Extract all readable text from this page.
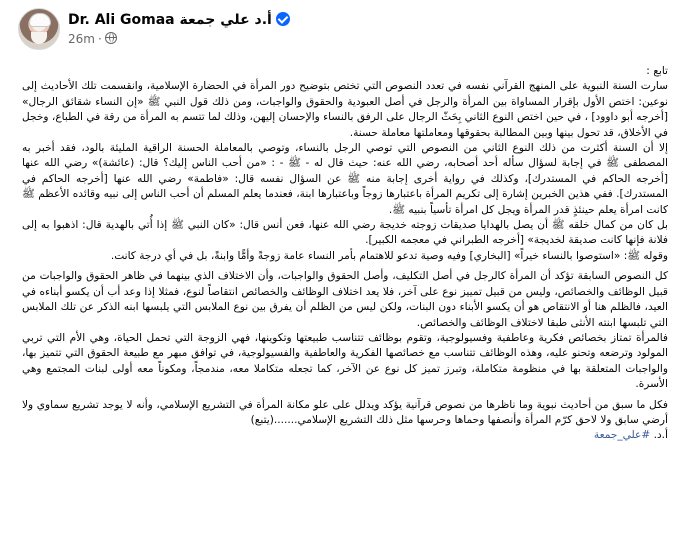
Dr. Ali Gomaa أ.د علي جمعة
26m ·

تابع :

سارت السنة النبوية على المنهج القرآني نفسه في تعدد النصوص التي تختص بتوضيح دور المرأة في الحضارة الإسلامية، وانقسمت تلك الأحاديث إلى نوعين: اختص الأول بإقرار المساواة بين المرأة والرجل في أصل العبودية والحقوق والواجبات، ومن ذلك قول النبي ﷺ «إن النساء شقائق الرجال» [أخرجه أبو داوود] ، في حين اختص النوع الثاني بِحَثّ الرجال على الرفق بالنساء والإحسان إليهن، وذلك لما تتسم به المرأة من رقة في الطباع، وخجل في الأخلاق، قد تحول بينها وبين المطالبة بحقوقها ومعاملتها معاملة حسنة.

إلا أن السنة أكثرت من ذلك النوع الثاني من النصوص التي توصي الرجل بالنساء، وتوصي بالمعاملة الحسنة الراقية المليئة بالود، فقد أخبر به المصطفى ﷺ في إجابة لسؤال سأله أحد أصحابه، رضي الله عنه: حيث قال له - ﷺ - : «من أحب الناس إليك؟ قال: (عائشة)» رضي الله عنها [أخرجه الحاكم في المستدرك]، وكذلك في رواية أخرى إجابة منه ﷺ عن السؤال نفسه قال: «فاطمة» رضي الله عنها [أخرجه الحاكم في المستدرك]. ففي هذين الخبرين إشارة إلى تكريم المرأة باعتبارها زوجاً وباعتبارها ابنة، فعندما يعلم المسلم أن أحب الناس إلى نبيه وقائده الأعظم ﷺ كانت امرأة يعلم حينئذٍ قدر المرأة ويجل كل امرأة تأسياً بنبيه ﷺ.

بل كان من كمال خلقه ﷺ أن يصل بالهدايا صديقات زوجته خديجة رضي الله عنها، فعن أنس قال: «كان النبي ﷺ إذا أُتي بالهدية قال: اذهبوا به إلى فلانة فإنها كانت صديقة لخديجة» [أخرجه الطبراني في معجمه الكبير].

وقوله ﷺ: «استوصوا بالنساء خيراً» [البخاري] وفيه وصية تدعو للاهتمام بأمر النساء عامة زوجةً وأمًّا وابنةً، بل في أي درجة كانت.

كل النصوص السابقة تؤكد أن المرأة كالرجل في أصل التكليف، وأصل الحقوق والواجبات، وأن الاختلاف الذي بينهما في ظاهر الحقوق والواجبات من قبيل الوظائف والخصائص، وليس من قبيل تمييز نوع على آخر، فلا يعد اختلاف الوظائف والخصائص انتقاصاً لنوع، فمثلا إذا وعد أب أن يكسو أبناءه في العيد، فالظلم هنا أو الانتقاص هو أن يكسو الأبناء دون البنات، ولكن ليس من الظلم أن يفرق بين نوع الملابس التي يلبسها ابنه الذكر عن تلك الملابس التي تلبسها ابنته الأنثى طبقا لاختلاف الوظائف والخصائص.

فالمرأة تمتاز بخصائص فكرية وعاطفية وفسيولوجية، وتقوم بوظائف تتناسب طبيعتها وتكوينها، فهي الزوجة التي تحمل الحياة، وهي الأم التي تربي المولود وترضعه وتحنو عليه، وهذه الوظائف تتناسب مع خصائصها الفكرية والعاطفية والفسيولوجية، في توافق مبهر مع طبيعة الحقوق التي تتميز بها، والواجبات المتعلقة بها في منظومة متكاملة، وتبرز تميز كل نوع عن الآخر، كما تجعله متكاملا معه، مندمجاً، ومكوناً معه أولى لبنات المجتمع وهي الأسرة.

فكل ما سبق من أحاديث نبوية وما ناظرها من نصوص قرآنية يؤكد ويدلل على علو مكانة المرأة في التشريع الإسلامي، وأنه لا يوجد تشريع سماوي ولا أرضي سابق ولا لاحق كرّم المرأة وأنصفها وحماها وحرسها مثل ذلك التشريع الإسلامي.......(يتبع)

أ.د. #علي_جمعة
